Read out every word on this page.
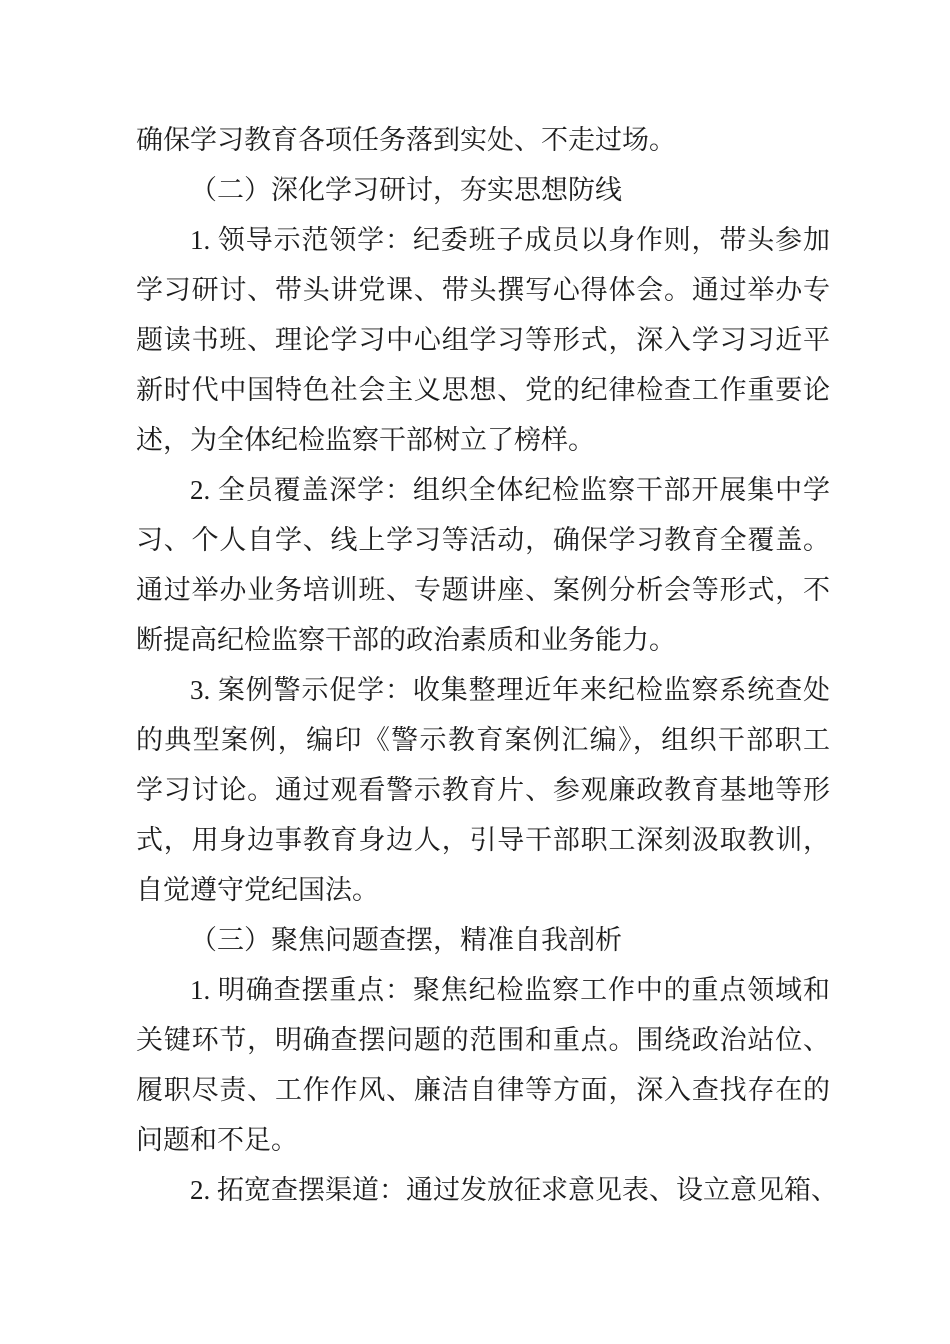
确保学习教育各项任务落到实处、不走过场。
（二）深化学习研讨，夯实思想防线
1. 领导示范领学：纪委班子成员以身作则，带头参加
学习研讨、带头讲党课、带头撰写心得体会。通过举办专
题读书班、理论学习中心组学习等形式，深入学习习近平
新时代中国特色社会主义思想、党的纪律检查工作重要论
述，为全体纪检监察干部树立了榜样。
2. 全员覆盖深学：组织全体纪检监察干部开展集中学
习、个人自学、线上学习等活动，确保学习教育全覆盖。
通过举办业务培训班、专题讲座、案例分析会等形式，不
断提高纪检监察干部的政治素质和业务能力。
3. 案例警示促学：收集整理近年来纪检监察系统查处
的典型案例，编印《警示教育案例汇编》，组织干部职工
学习讨论。通过观看警示教育片、参观廉政教育基地等形
式，用身边事教育身边人，引导干部职工深刻汲取教训，
自觉遵守党纪国法。
（三）聚焦问题查摆，精准自我剖析
1. 明确查摆重点：聚焦纪检监察工作中的重点领域和
关键环节，明确查摆问题的范围和重点。围绕政治站位、
履职尽责、工作作风、廉洁自律等方面，深入查找存在的
问题和不足。
2. 拓宽查摆渠道：通过发放征求意见表、设立意见箱、
